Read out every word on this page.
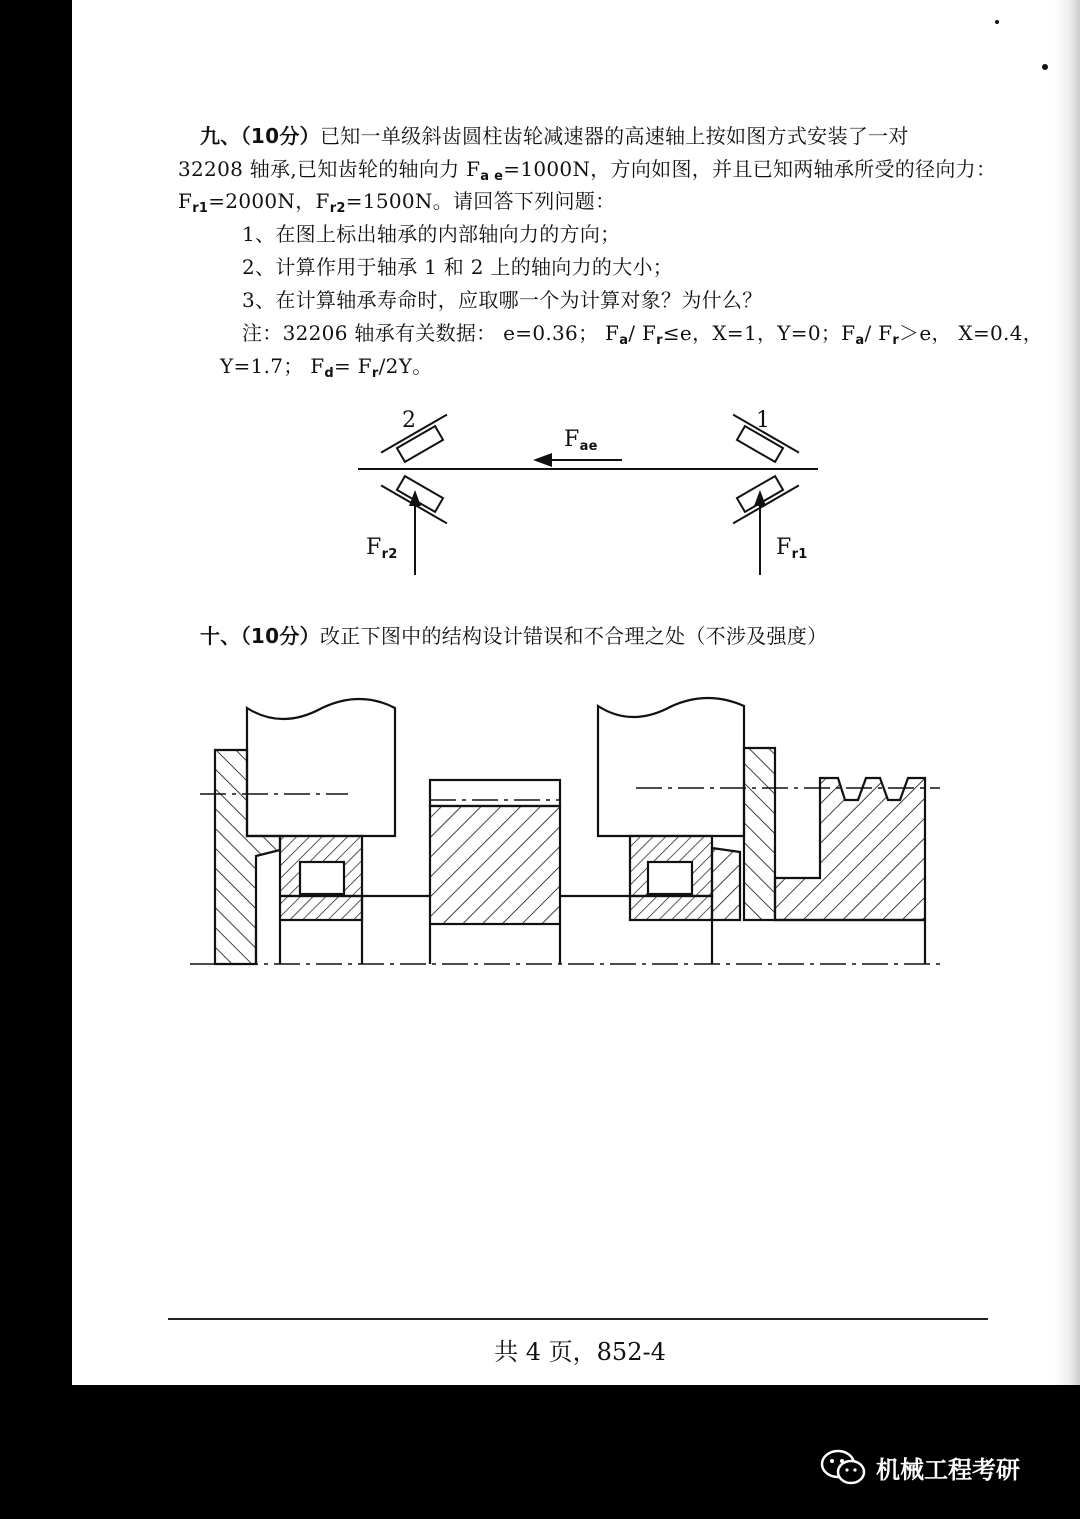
九、（10分）已知一单级斜齿圆柱齿轮减速器的高速轴上按如图方式安装了一对
32208 轴承,已知齿轮的轴向力 $F_{a e}=1000N$，方向如图，并且已知两轴承所受的径向力：
$F_{r1}=2000N$，$F_{r2}=1500N$。请回答下列问题：
1、在图上标出轴承的内部轴向力的方向；
2、计算作用于轴承 1 和 2 上的轴向力的大小；
3、在计算轴承寿命时，应取哪一个为计算对象？为什么？
注：32206 轴承有关数据： e=0.36； $F_a/$ $F_r\le e$，X=1，Y=0；$F_a/$ $F_r>e$， X=0.4，
Y=1.7； $F_d= F_r/2Y$。
2	1
$F_{ae}$
$F_{r2}$	$F_{r1}$
十、（10分）改正下图中的结构设计错误和不合理之处（不涉及强度）
共 4 页，852-4
机械工程考研
